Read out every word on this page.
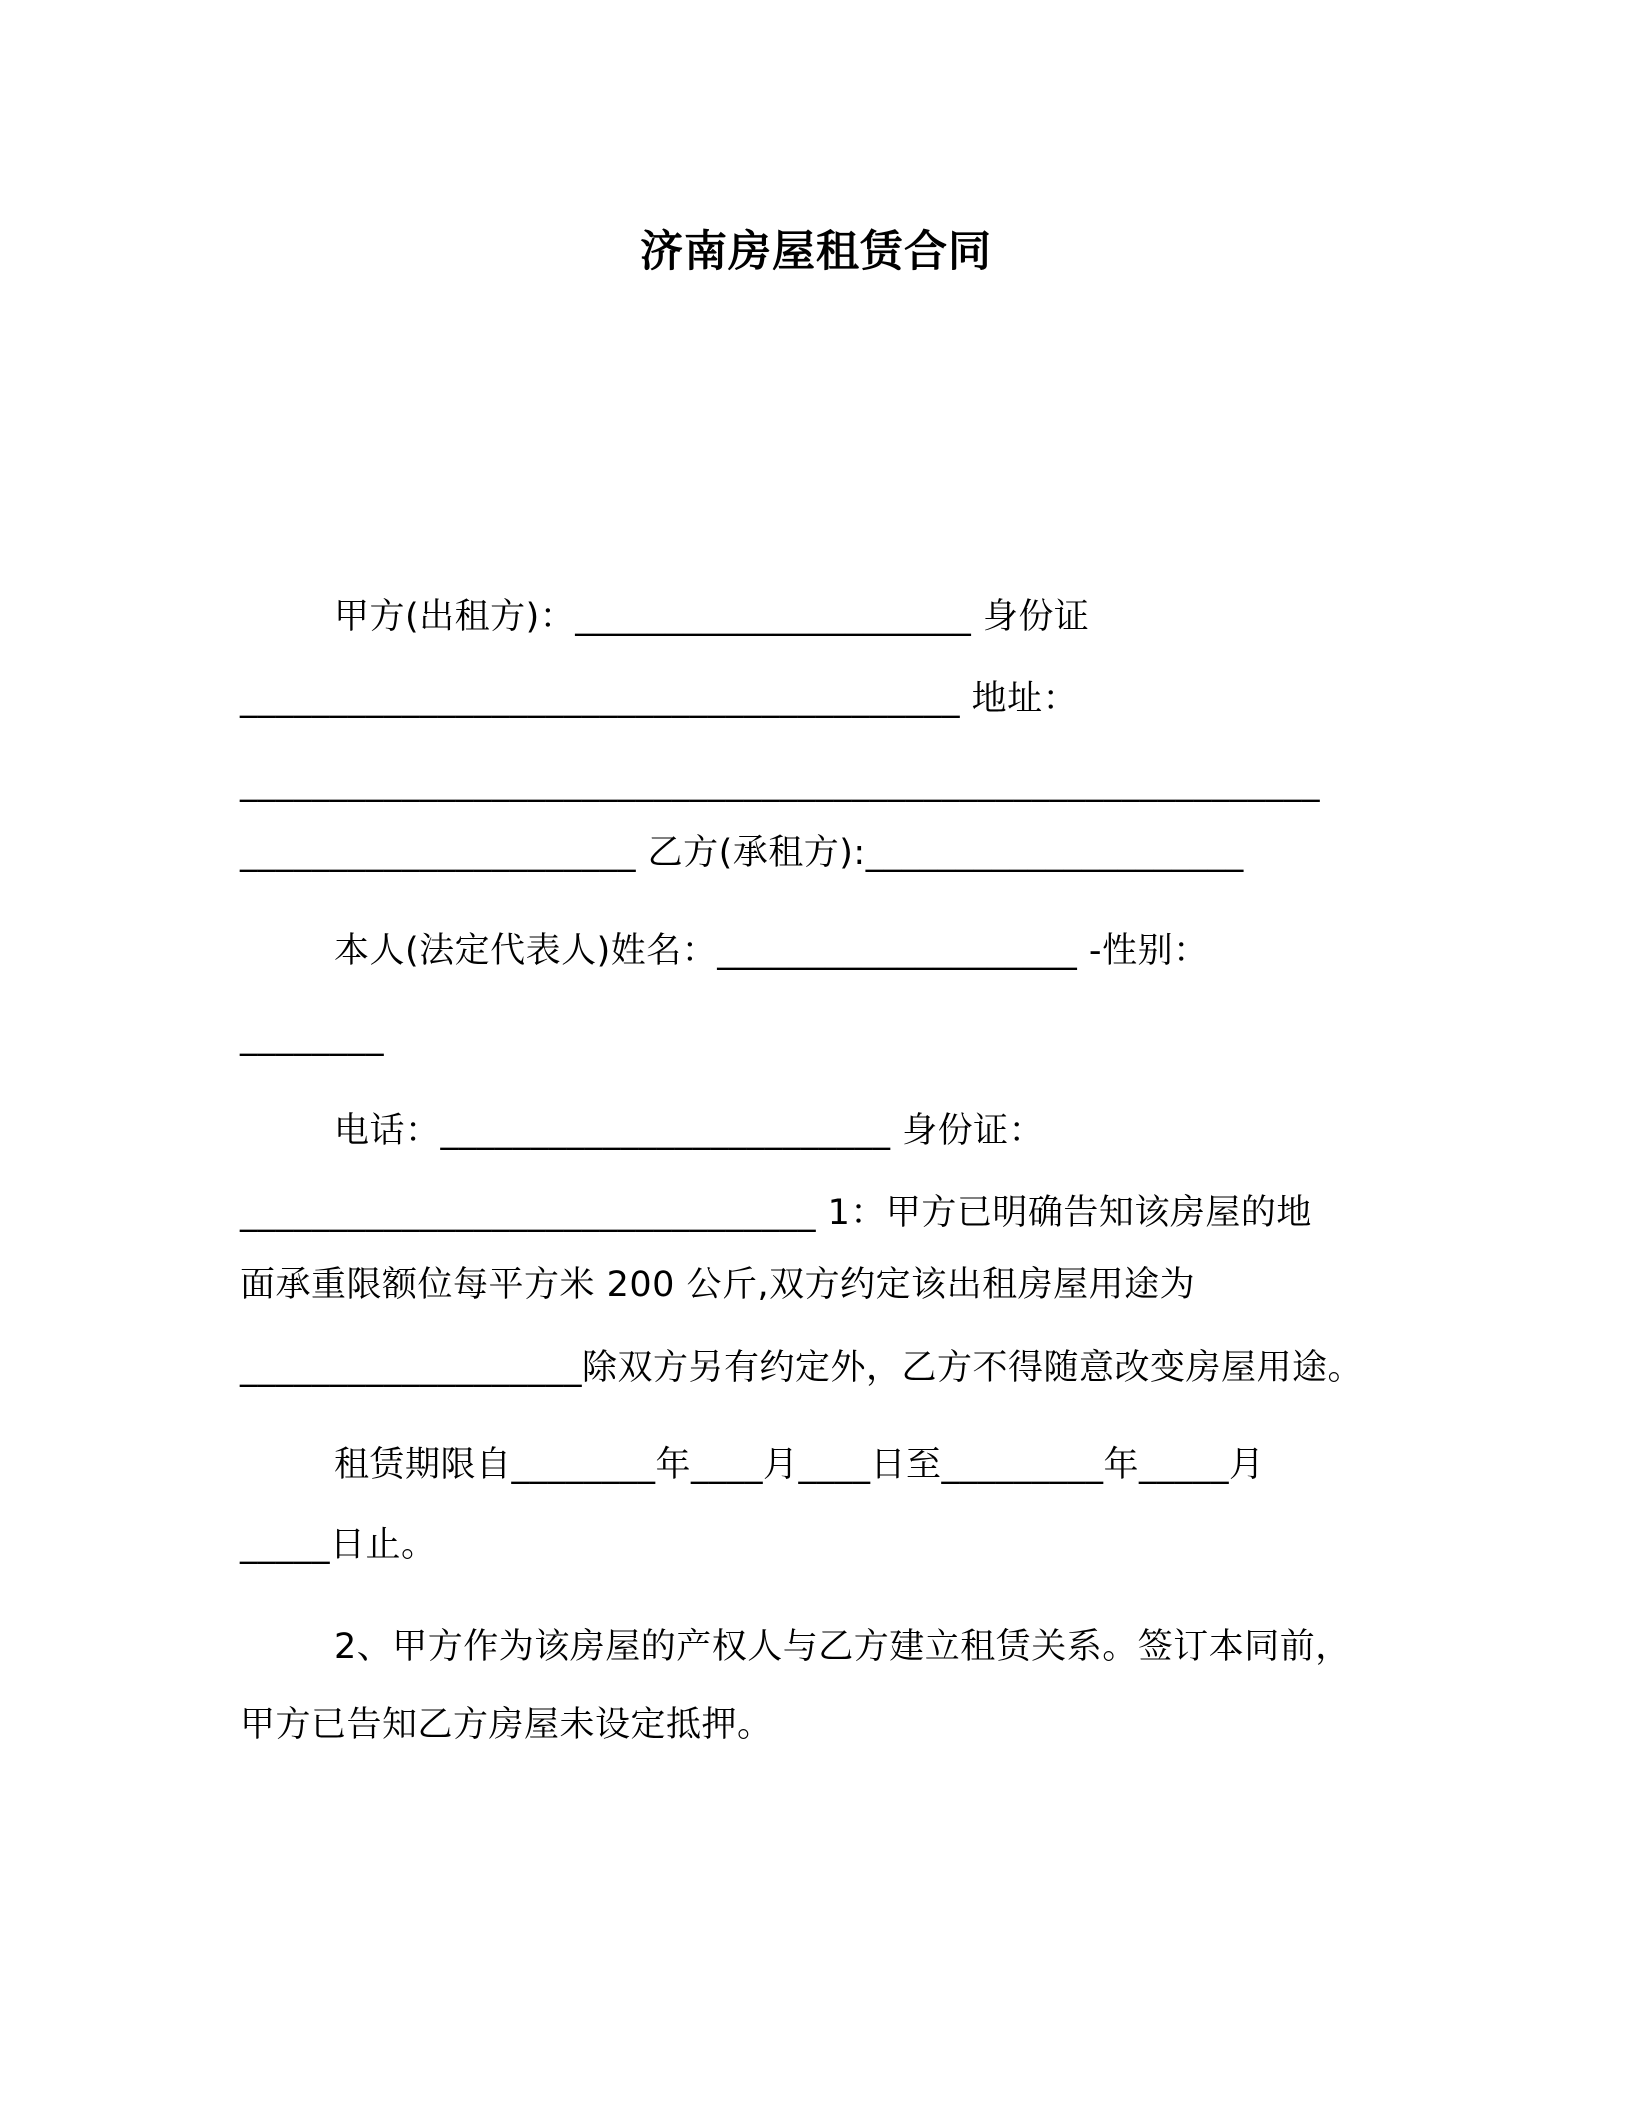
济南房屋租赁合同
甲方(出租方)：______________________ 身份证
________________________________________ 地址：
____________________________________________________________
______________________ 乙方(承租方):_____________________
本人(法定代表人)姓名：____________________ -性别：
________
电话：_________________________ 身份证：
________________________________ 1：甲方已明确告知该房屋的地
面承重限额位每平方米 200 公斤,双方约定该出租房屋用途为
___________________除双方另有约定外，乙方不得随意改变房屋用途。
租赁期限自________年____月____日至_________年_____月
_____日止。
2、甲方作为该房屋的产权人与乙方建立租赁关系。签订本同前，
甲方已告知乙方房屋未设定抵押。
